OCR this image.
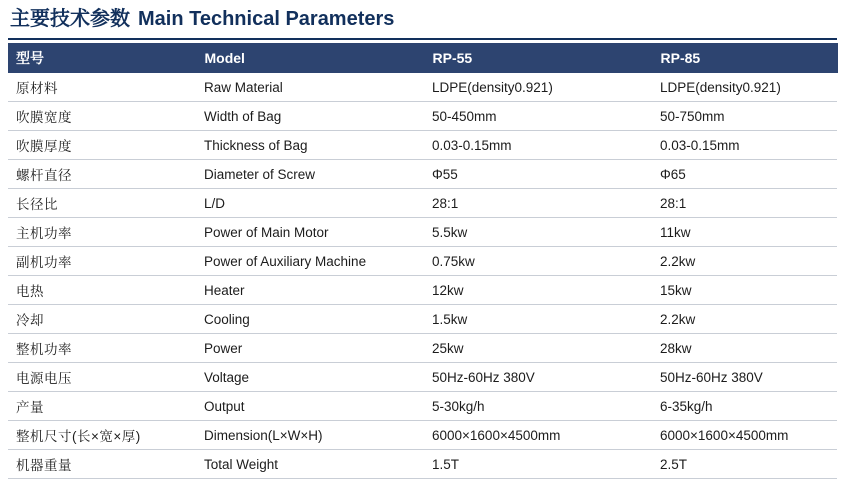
主要技术参数 Main Technical Parameters
型号	Model	RP-55	RP-85
原材料	Raw Material	LDPE(density0.921)	LDPE(density0.921)
吹膜宽度	Width of Bag	50-450mm	50-750mm
吹膜厚度	Thickness of Bag	0.03-0.15mm	0.03-0.15mm
螺杆直径	Diameter of Screw	Φ55	Φ65
长径比	L/D	28:1	28:1
主机功率	Power of Main Motor	5.5kw	11kw
副机功率	Power of Auxiliary Machine	0.75kw	2.2kw
电热	Heater	12kw	15kw
冷却	Cooling	1.5kw	2.2kw
整机功率	Power	25kw	28kw
电源电压	Voltage	50Hz-60Hz 380V	50Hz-60Hz 380V
产量	Output	5-30kg/h	6-35kg/h
整机尺寸(长×宽×厚)	Dimension(L×W×H)	6000×1600×4500mm	6000×1600×4500mm
机器重量	Total Weight	1.5T	2.5T
